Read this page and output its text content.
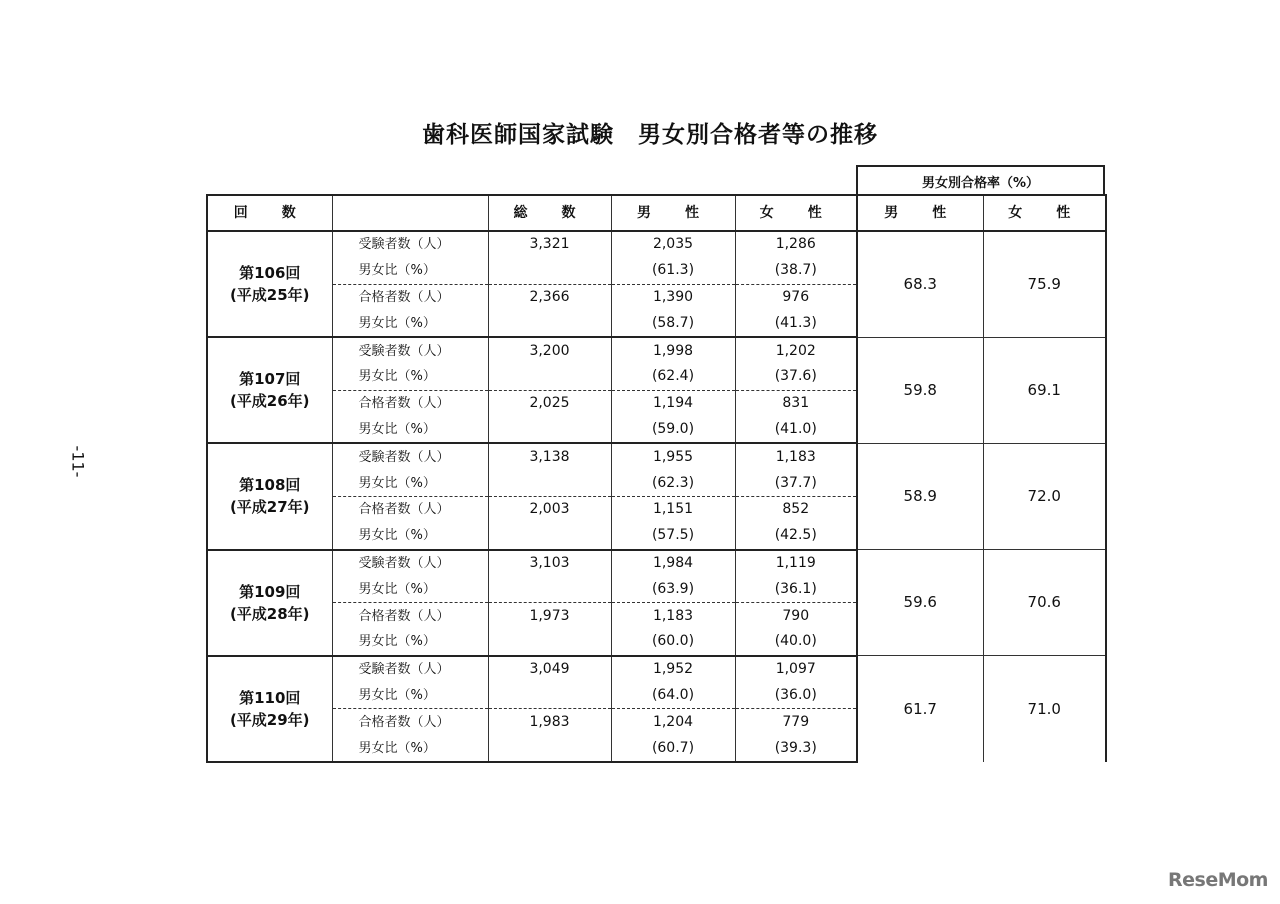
歯科医師国家試験　男女別合格者等の推移
男女別合格率（%）
回　数		総　数	男　性	女　性	男　性	女　性

第106回
(平成25年)	受験者数（人）	3,321	2,035	1,286	68.3	75.9
	男女比（%）		(61.3)	(38.7)		
	合格者数（人）	2,366	1,390	976		
	男女比（%）		(58.7)	(41.3)		

第107回
(平成26年)	受験者数（人）	3,200	1,998	1,202	59.8	69.1
	男女比（%）		(62.4)	(37.6)		
	合格者数（人）	2,025	1,194	831		
	男女比（%）		(59.0)	(41.0)		

第108回
(平成27年)	受験者数（人）	3,138	1,955	1,183	58.9	72.0
	男女比（%）		(62.3)	(37.7)		
	合格者数（人）	2,003	1,151	852		
	男女比（%）		(57.5)	(42.5)		

第109回
(平成28年)	受験者数（人）	3,103	1,984	1,119	59.6	70.6
	男女比（%）		(63.9)	(36.1)		
	合格者数（人）	1,973	1,183	790		
	男女比（%）		(60.0)	(40.0)		

第110回
(平成29年)	受験者数（人）	3,049	1,952	1,097	61.7	71.0
	男女比（%）		(64.0)	(36.0)		
	合格者数（人）	1,983	1,204	779		
	男女比（%）		(60.7)	(39.3)		
-11-
ReseMom
